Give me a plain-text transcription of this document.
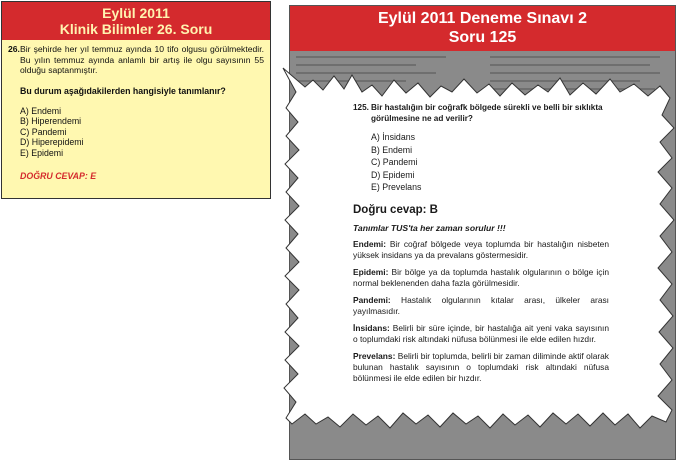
Eylül 2011
Klinik Bilimler 26. Soru
26. Bir şehirde her yıl temmuz ayında 10 tifo olgusu görülmektedir. Bu yılın temmuz ayında anlamlı bir artış ile olgu sayısının 55 olduğu saptanmıştır.
Bu durum aşağıdakilerden hangisiyle tanımlanır?
A) Endemi
B) Hiperendemi
C) Pandemi
D) Hiperepidemi
E) Epidemi
DOĞRU CEVAP: E
Eylül 2011 Deneme Sınavı 2
Soru 125
125. Bir hastalığın bir coğrafk bölgede sürekli ve belli bir sıklıkta görülmesine ne ad verilir?
A) İnsidans
B) Endemi
C) Pandemi
D) Epidemi
E) Prevelans
Doğru cevap: B
Tanımlar TUS'ta her zaman sorulur !!!
Endemi: Bir coğraf bölgede veya toplumda bir hastalığın nisbeten yüksek insidans ya da prevalans göstermesidir.
Epidemi: Bir bölge ya da toplumda hastalık olgularının o bölge için normal beklenenden daha fazla görülmesidir.
Pandemi: Hastalık olgularının kıtalar arası, ülkeler arası yayılmasıdır.
İnsidans: Belirli bir süre içinde, bir hastalığa ait yeni vaka sayısının o toplumdaki risk altındaki nüfusa bölünmesi ile elde edilen hızdır.
Prevelans: Belirli bir toplumda, belirli bir zaman diliminde aktif olarak bulunan hastalık sayısının o toplumdaki risk altındaki nüfusa bölünmesi ile elde edilen bir hızdır.
